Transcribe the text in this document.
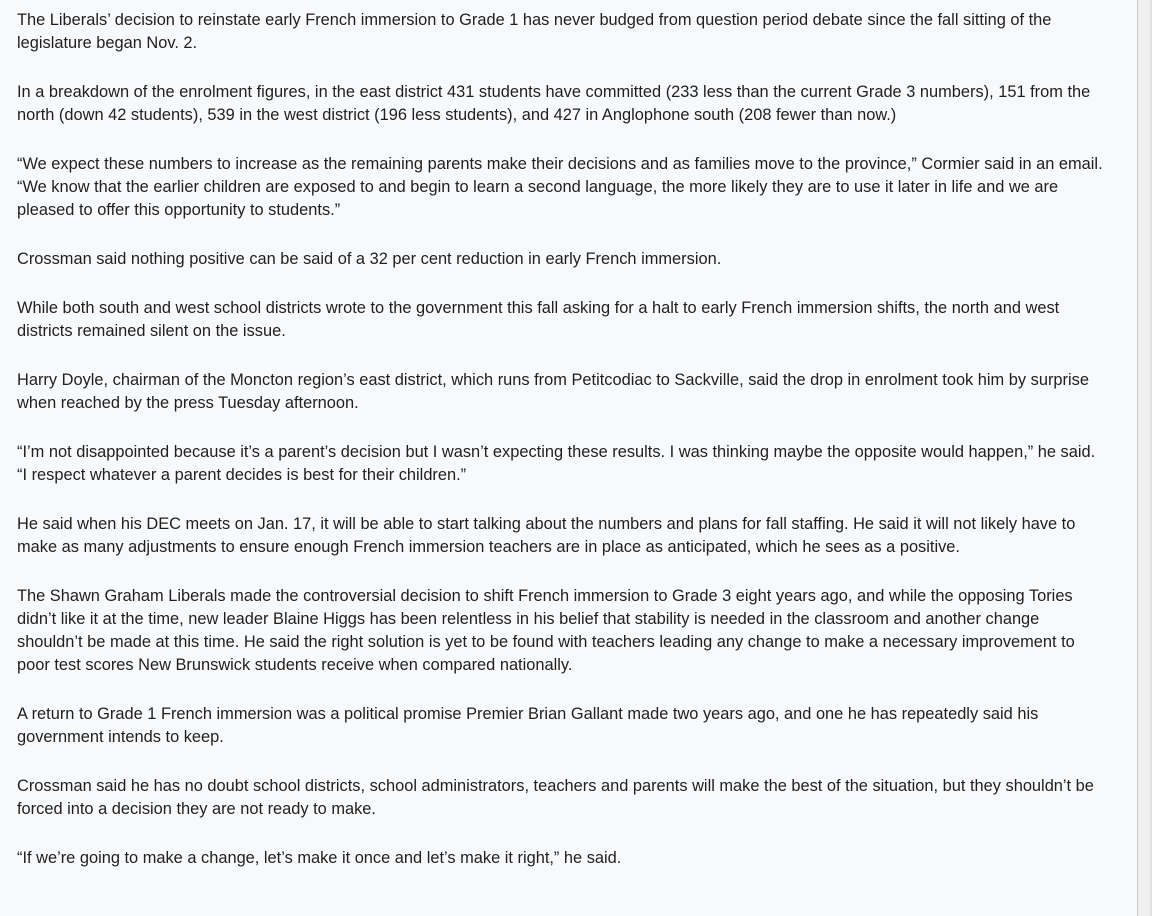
The Liberals’ decision to reinstate early French immersion to Grade 1 has never budged from question period debate since the fall sitting of the legislature began Nov. 2.

In a breakdown of the enrolment figures, in the east district 431 students have committed (233 less than the current Grade 3 numbers), 151 from the north (down 42 students), 539 in the west district (196 less students), and 427 in Anglophone south (208 fewer than now.)

“We expect these numbers to increase as the remaining parents make their decisions and as families move to the province,” Cormier said in an email. “We know that the earlier children are exposed to and begin to learn a second language, the more likely they are to use it later in life and we are pleased to offer this opportunity to students.”

Crossman said nothing positive can be said of a 32 per cent reduction in early French immersion.

While both south and west school districts wrote to the government this fall asking for a halt to early French immersion shifts, the north and west districts remained silent on the issue.

Harry Doyle, chairman of the Moncton region’s east district, which runs from Petitcodiac to Sackville, said the drop in enrolment took him by surprise when reached by the press Tuesday afternoon.

“I’m not disappointed because it’s a parent’s decision but I wasn’t expecting these results. I was thinking maybe the opposite would happen,” he said. “I respect whatever a parent decides is best for their children.”

He said when his DEC meets on Jan. 17, it will be able to start talking about the numbers and plans for fall staffing. He said it will not likely have to make as many adjustments to ensure enough French immersion teachers are in place as anticipated, which he sees as a positive.

The Shawn Graham Liberals made the controversial decision to shift French immersion to Grade 3 eight years ago, and while the opposing Tories didn’t like it at the time, new leader Blaine Higgs has been relentless in his belief that stability is needed in the classroom and another change shouldn’t be made at this time. He said the right solution is yet to be found with teachers leading any change to make a necessary improvement to poor test scores New Brunswick students receive when compared nationally.

A return to Grade 1 French immersion was a political promise Premier Brian Gallant made two years ago, and one he has repeatedly said his government intends to keep.

Crossman said he has no doubt school districts, school administrators, teachers and parents will make the best of the situation, but they shouldn’t be forced into a decision they are not ready to make.

“If we’re going to make a change, let’s make it once and let’s make it right,” he said.
